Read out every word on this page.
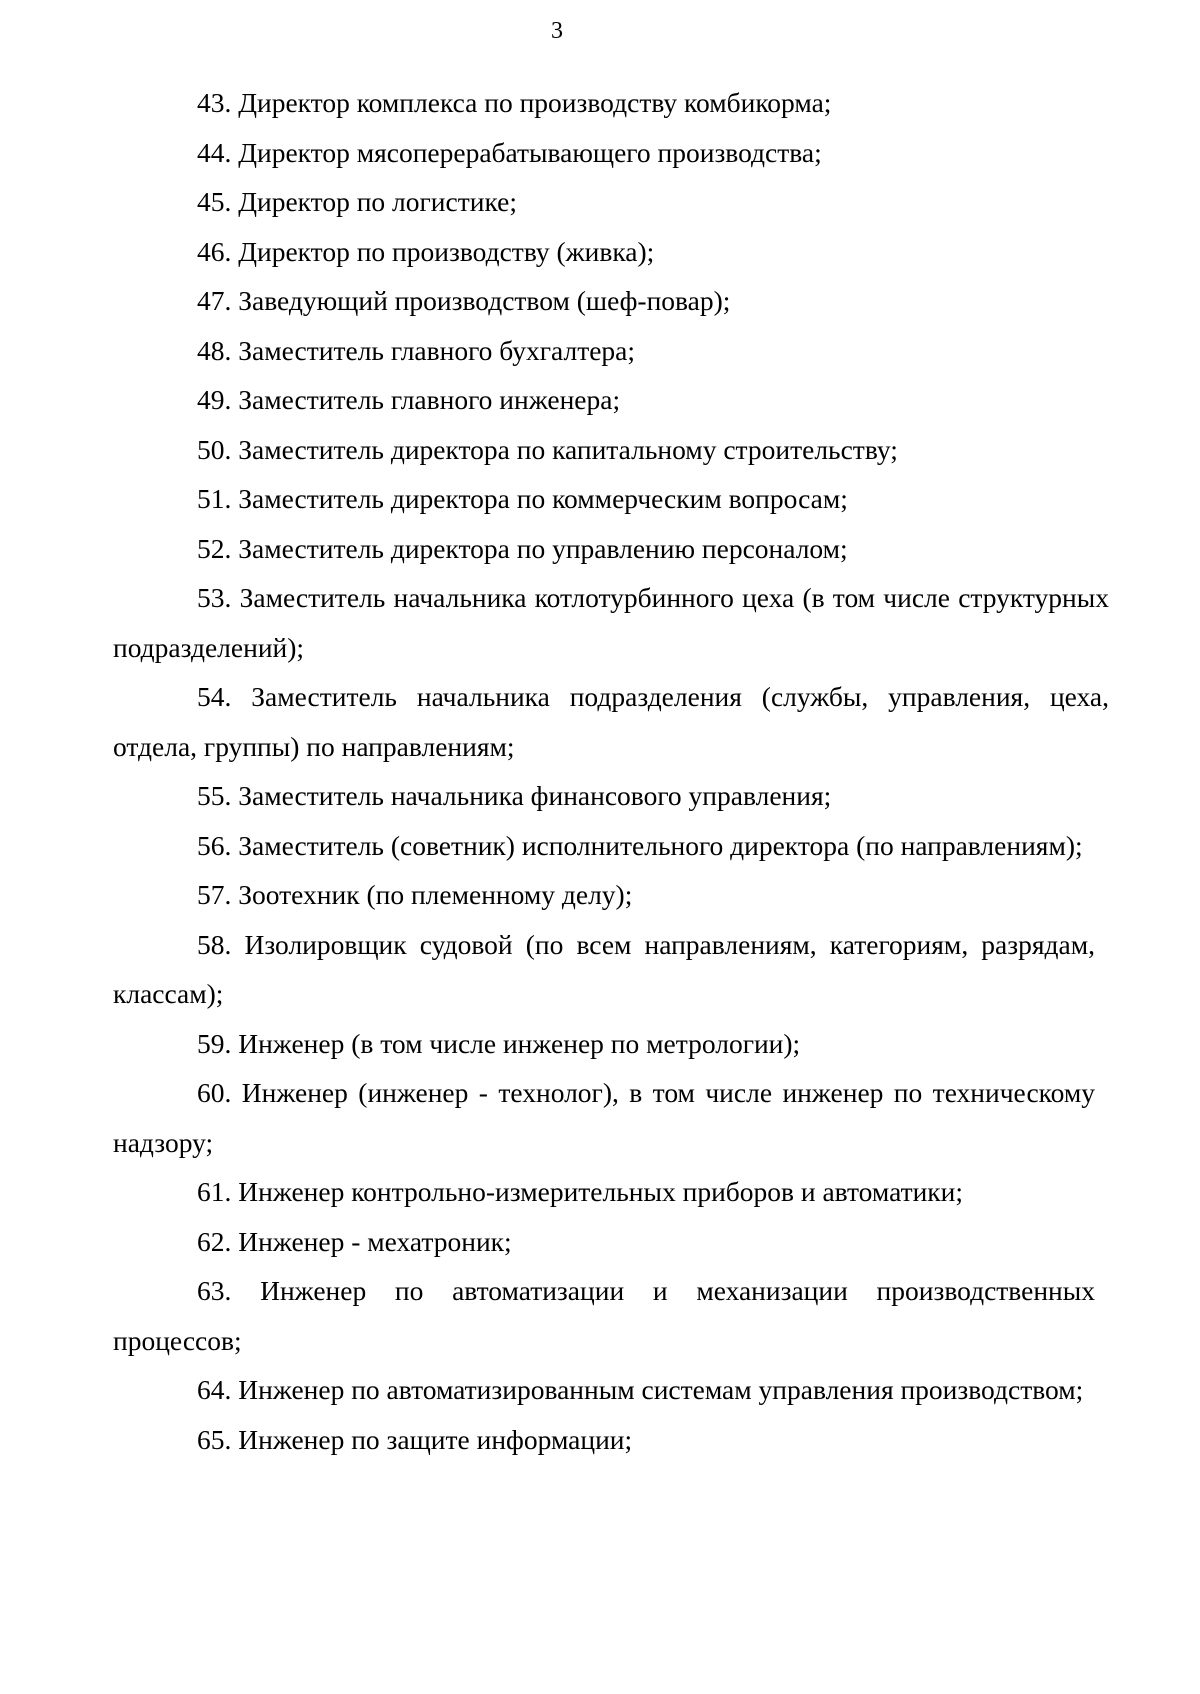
3

43. Директор комплекса по производству комбикорма;

44. Директор мясоперерабатывающего производства;

45. Директор по логистике;

46. Директор по производству (живка);

47. Заведующий производством (шеф-повар);

48. Заместитель главного бухгалтера;

49. Заместитель главного инженера;

50. Заместитель директора по капитальному строительству;

51. Заместитель директора по коммерческим вопросам;

52. Заместитель директора по управлению персоналом;

53. Заместитель начальника котлотурбинного цеха (в том числе структурных подразделений);

54. Заместитель начальника подразделения (службы, управления, цеха, отдела, группы) по направлениям;

55. Заместитель начальника финансового управления;

56. Заместитель (советник) исполнительного директора (по направлениям);

57. Зоотехник (по племенному делу);

58. Изолировщик судовой (по всем направлениям, категориям, разрядам, классам);

59. Инженер (в том числе инженер по метрологии);

60. Инженер (инженер - технолог), в том числе инженер по техническому надзору;

61. Инженер контрольно-измерительных приборов и автоматики;

62. Инженер - мехатроник;

63. Инженер по автоматизации и механизации производственных процессов;

64. Инженер по автоматизированным системам управления производством;

65. Инженер по защите информации;
